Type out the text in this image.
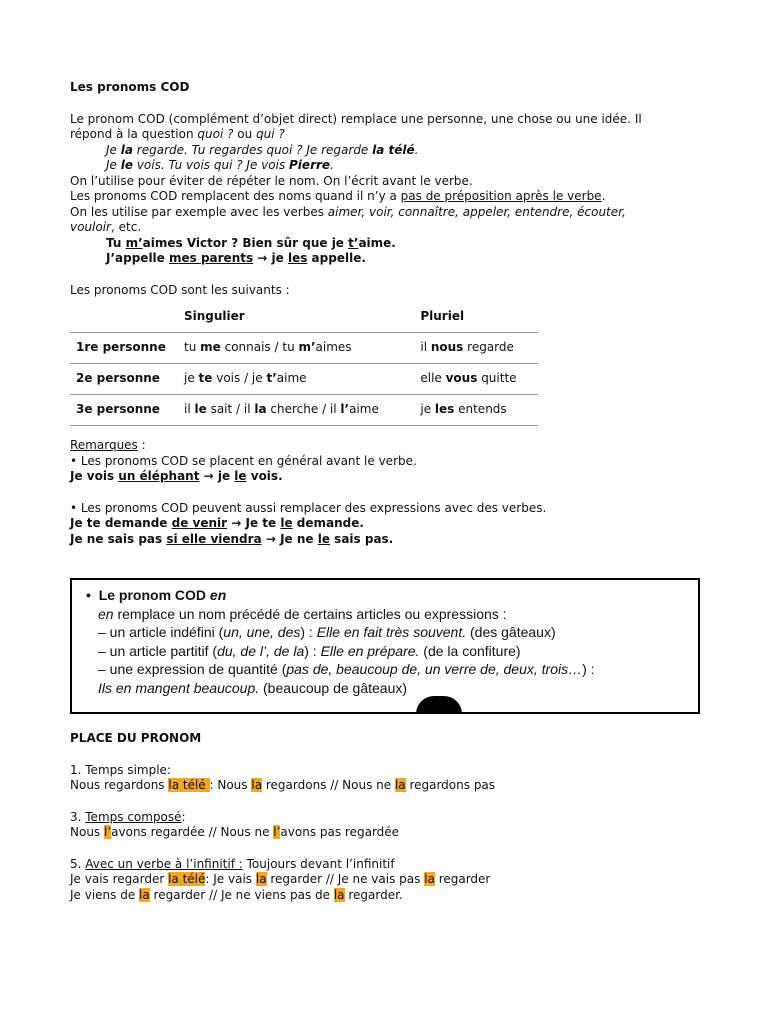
Les pronoms COD

Le pronom COD (complément d’objet direct) remplace une personne, une chose ou une idée. Il

répond à la question quoi ? ou qui ?

Je la regarde. Tu regardes quoi ? Je regarde la télé.

Je le vois. Tu vois qui ? Je vois Pierre.

On l’utilise pour éviter de répéter le nom. On l’écrit avant le verbe.

Les pronoms COD remplacent des noms quand il n’y a pas de préposition après le verbe.

On les utilise par exemple avec les verbes aimer, voir, connaître, appeler, entendre, écouter,

vouloir, etc.

Tu m’aimes Victor ? Bien sûr que je t’aime.

J’appelle mes parents → je les appelle.

Les pronoms COD sont les suivants :

	Singulier	Pluriel
1re personne	tu me connais / tu m’aimes	il nous regarde
2e personne	je te vois / je t’aime	elle vous quitte
3e personne	il le sait / il la cherche / il l’aime	je les entends

Remarques :

• Les pronoms COD se placent en général avant le verbe.

Je vois un éléphant → je le vois.

• Les pronoms COD peuvent aussi remplacer des expressions avec des verbes.

Je te demande de venir → Je te le demande.

Je ne sais pas si elle viendra → Je ne le sais pas.

•  Le pronom COD en
en remplace un nom précédé de certains articles ou expressions :
– un article indéfini (un, une, des) : Elle en fait très souvent. (des gâteaux)
– un article partitif (du, de l’, de la) : Elle en prépare. (de la confiture)
– une expression de quantité (pas de, beaucoup de, un verre de, deux, trois…) :
Ils en mangent beaucoup. (beaucoup de gâteaux)

PLACE DU PRONOM

1. Temps simple:

Nous regardons la télé : Nous la regardons // Nous ne la regardons pas

3. Temps composé:

Nous l’avons regardée // Nous ne l’avons pas regardée

5. Avec un verbe à l’infinitif : Toujours devant l’infinitif

Je vais regarder la télé: Je vais la regarder // Je ne vais pas la regarder

Je viens de la regarder // Je ne viens pas de la regarder.
